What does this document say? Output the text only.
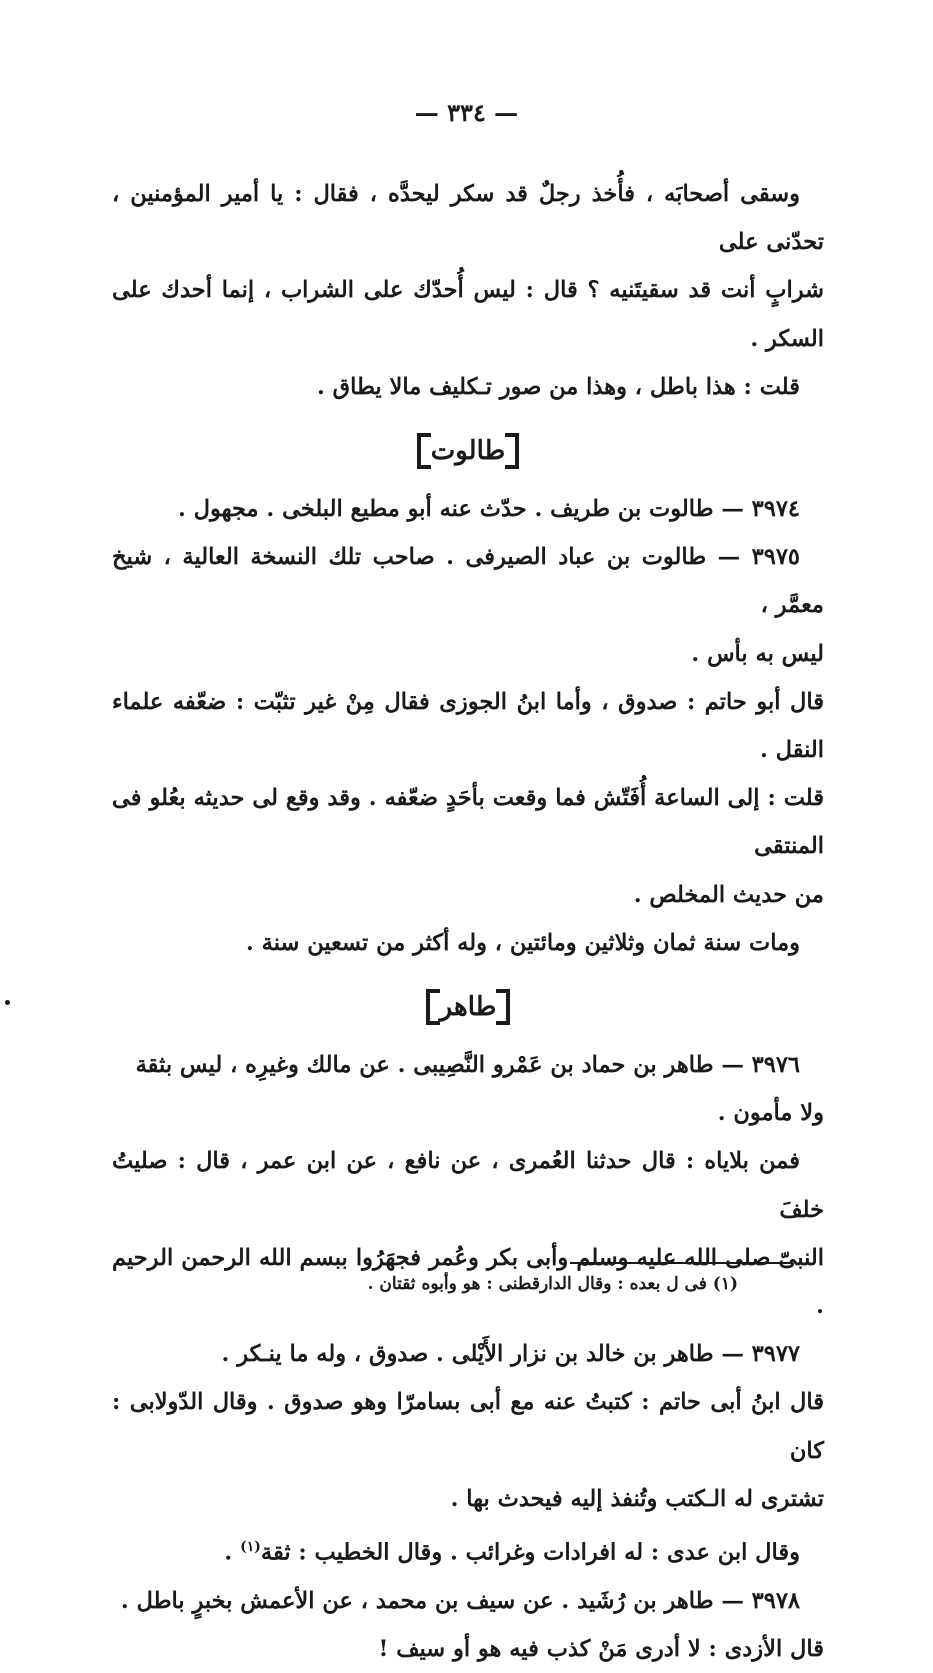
— ٣٣٤ —

وسقى أصحابَه ، فأُخذ رجلٌ قد سكر ليحدَّه ، فقال : يا أمير المؤمنين ، تحدّنى على

شرابٍ أنت قد سقيتَنيه ؟ قال : ليس أُحدّك على الشراب ، إنما أحدك على السكر .

قلت : هذا باطل ، وهذا من صور تـكليف مالا يطاق .

طالوت

٣٩٧٤ — طالوت بن طريف . حدّث عنه أبو مطيع البلخى . مجهول .

٣٩٧٥ — طالوت بن عباد الصيرفى . صاحب تلك النسخة العالية ، شيخ معمَّر ،

ليس به بأس .

قال أبو حاتم : صدوق ، وأما ابنُ الجوزى فقال مِنْ غير تثبّت : ضعّفه علماء النقل .

قلت : إلى الساعة أُفَتّش فما وقعت بأحَدٍ ضعّفه . وقد وقع لى حديثه بعُلو فى المنتقى

من حديث المخلص .

ومات سنة ثمان وثلاثين ومائتين ، وله أكثر من تسعين سنة .

طاهر

٣٩٧٦ — طاهر بن حماد بن عَمْرو النَّصِيبى . عن مالك وغيرِه ، ليس بثقة

ولا مأمون .

فمن بلاياه : قال حدثنا العُمرى ، عن نافع ، عن ابن عمر ، قال : صليتُ خلفَ

النبىّ صلى الله عليه وسلم وأبى بكر وعُمر فجهَرُوا ببسم الله الرحمن الرحيم .

٣٩٧٧ — طاهر بن خالد بن نزار الأَيْلى . صدوق ، وله ما ينـكر .

قال ابنُ أبى حاتم : كتبتُ عنه مع أبى بسامرّا وهو صدوق . وقال الدّولابى : كان

تشترى له الـكتب وتُنفذ إليه فيحدث بها .

وقال ابن عدى : له افرادات وغرائب . وقال الخطيب : ثقة$^{(١)}$ .

٣٩٧٨ — طاهر بن رُشَيد . عن سيف بن محمد ، عن الأعمش بخبرٍ باطل .

قال الأزدى : لا أدرى مَنْ كذب فيه هو أو سيف !

(١) فى ل بعده : وقال الدارقطنى : هو وأبوه ثقتان .
